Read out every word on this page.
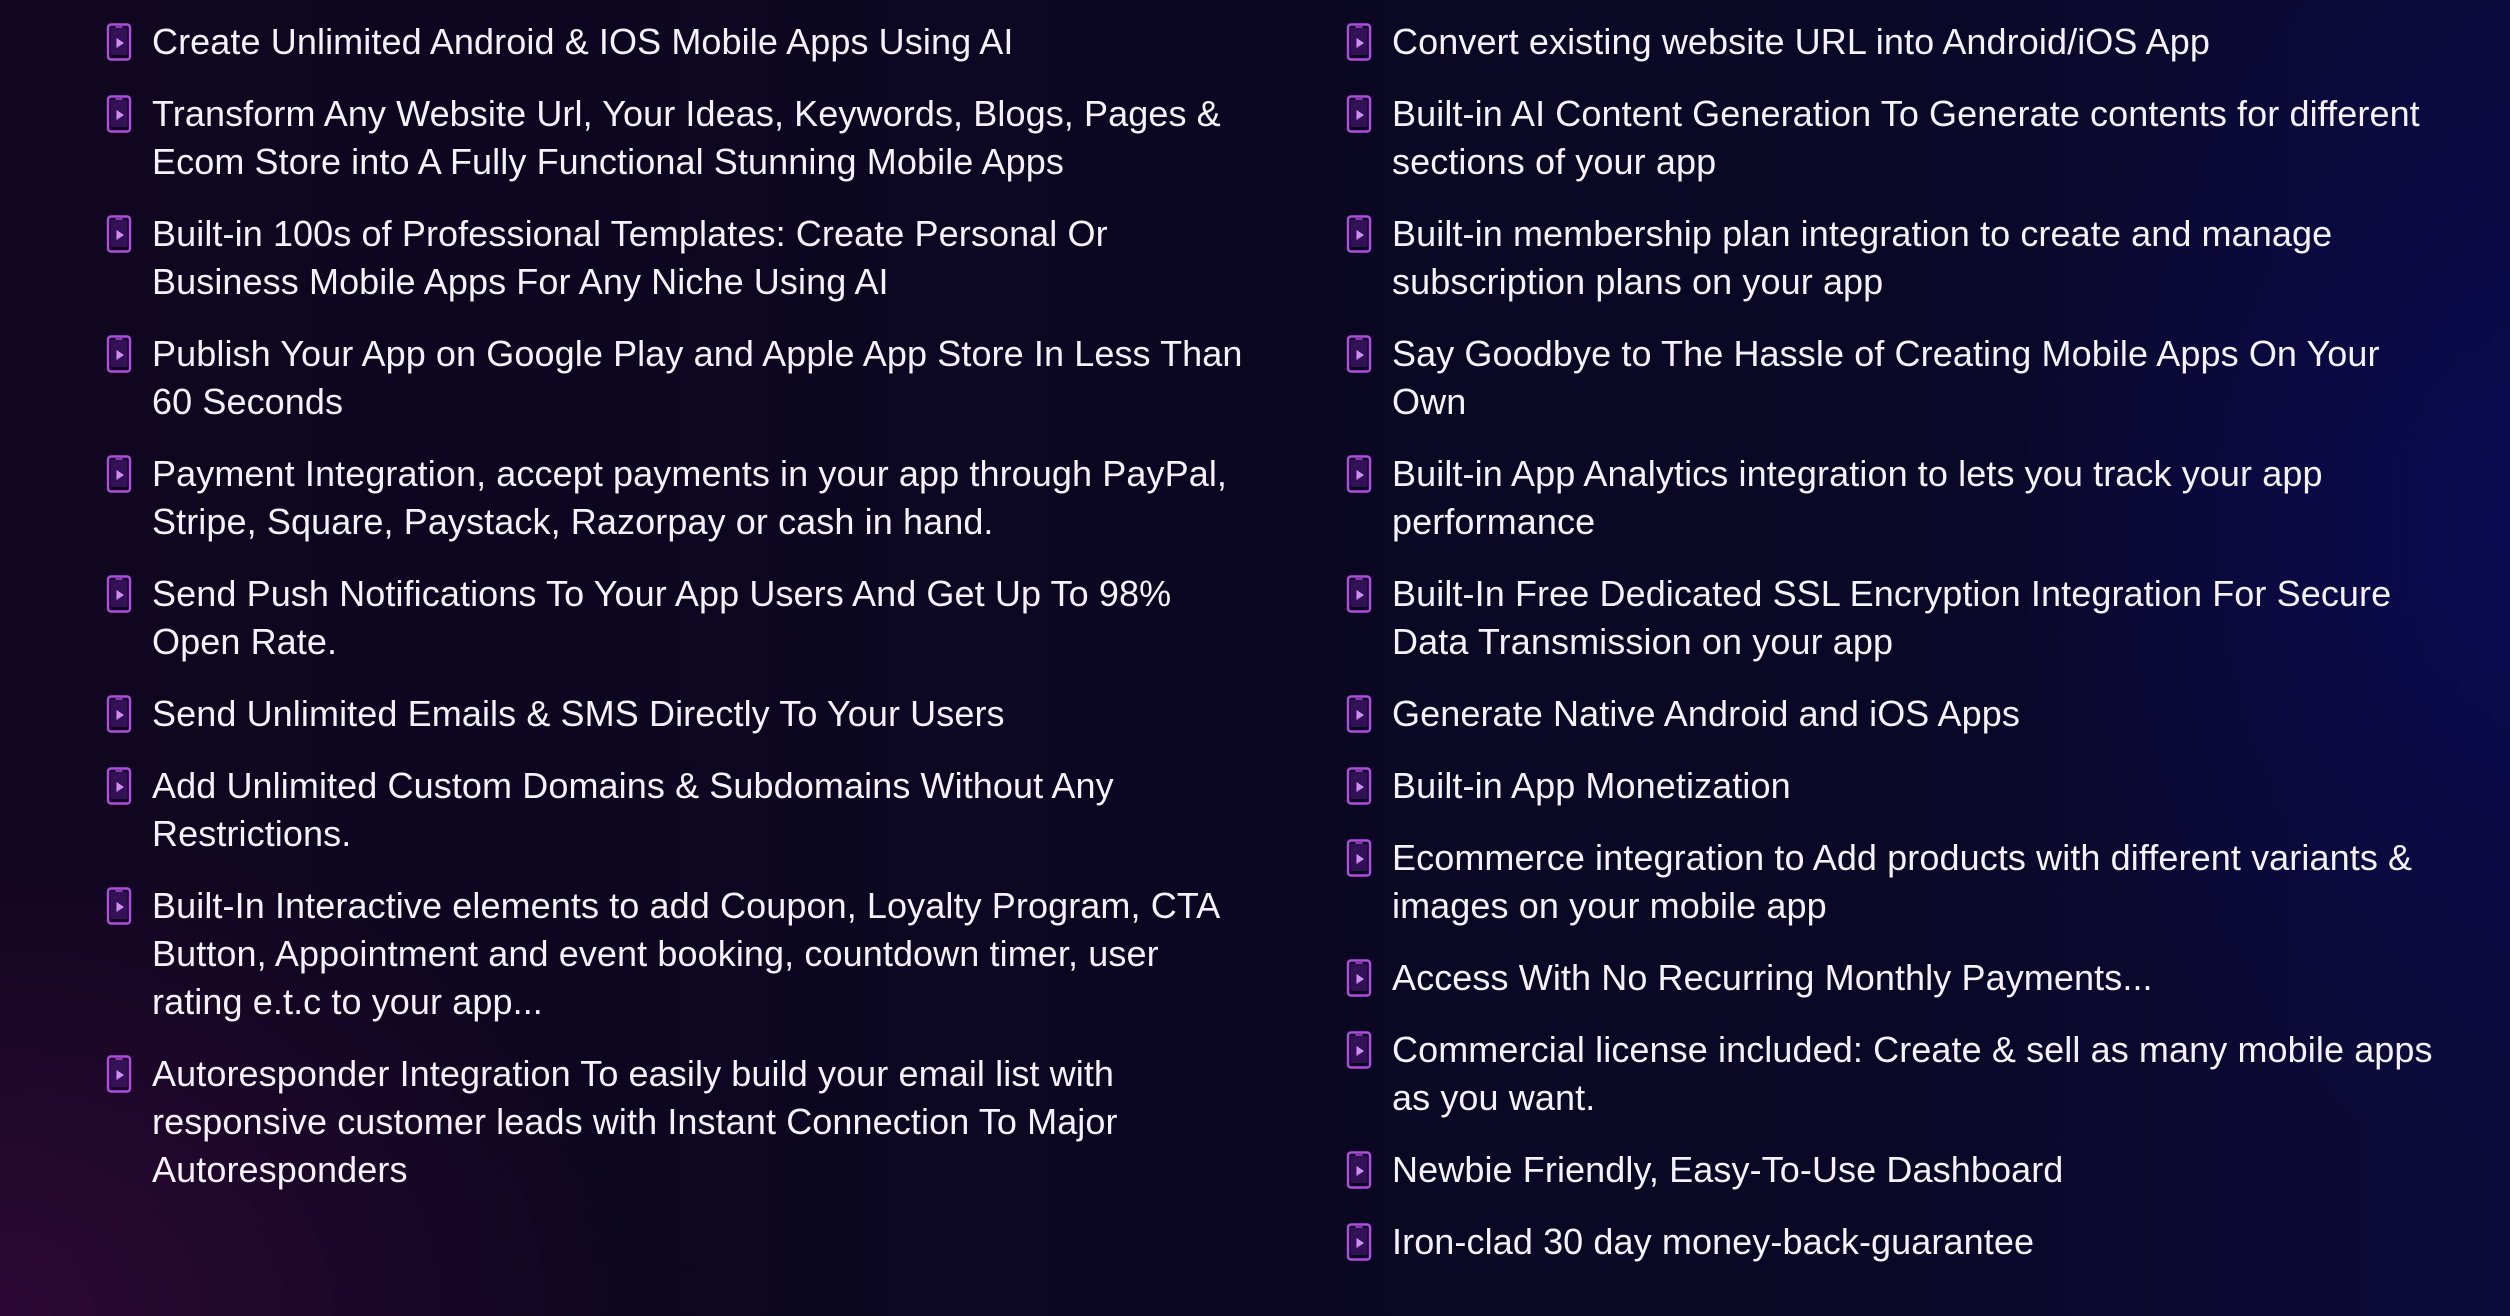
Create Unlimited Android & IOS Mobile Apps Using AI
Transform Any Website Url, Your Ideas, Keywords, Blogs, Pages & Ecom Store into A Fully Functional Stunning Mobile Apps
Built-in 100s of Professional Templates: Create Personal Or Business Mobile Apps For Any Niche Using AI
Publish Your App on Google Play and Apple App Store In Less Than 60 Seconds
Payment Integration, accept payments in your app through PayPal, Stripe, Square, Paystack, Razorpay or cash in hand.
Send Push Notifications To Your App Users And Get Up To 98% Open Rate.
Send Unlimited Emails & SMS Directly To Your Users
Add Unlimited Custom Domains & Subdomains Without Any Restrictions.
Built-In Interactive elements to add Coupon, Loyalty Program, CTA Button, Appointment and event booking, countdown timer, user rating e.t.c to your app...
Autoresponder Integration To easily build your email list with responsive customer leads with Instant Connection To Major Autoresponders
Convert existing website URL into Android/iOS App
Built-in AI Content Generation To Generate contents for different sections of your app
Built-in membership plan integration to create and manage subscription plans on your app
Say Goodbye to The Hassle of Creating Mobile Apps On Your Own
Built-in App Analytics integration to lets you track your app performance
Built-In Free Dedicated SSL Encryption Integration For Secure Data Transmission on your app
Generate Native Android and iOS Apps
Built-in App Monetization
Ecommerce integration to Add products with different variants & images on your mobile app
Access With No Recurring Monthly Payments...
Commercial license included: Create & sell as many mobile apps as you want.
Newbie Friendly, Easy-To-Use Dashboard
Iron-clad 30 day money-back-guarantee
